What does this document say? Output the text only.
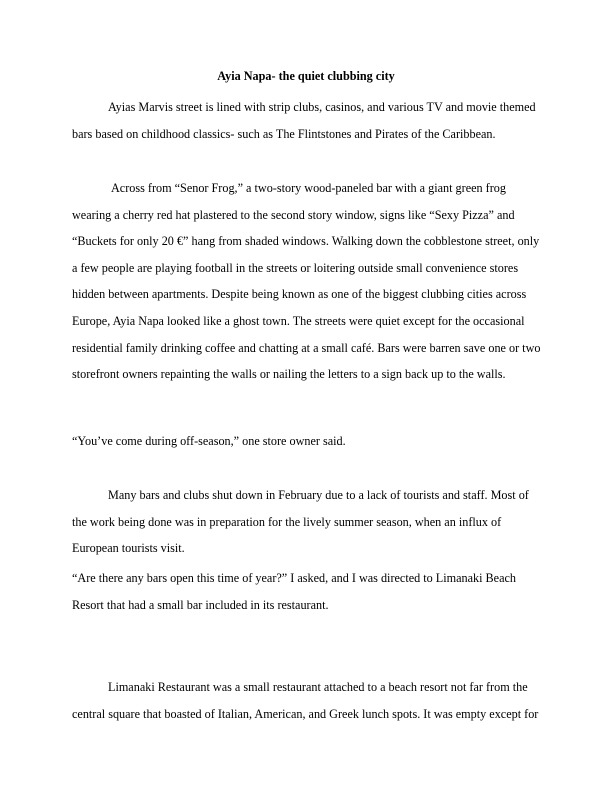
Ayia Napa- the quiet clubbing city

Ayias Marvis street is lined with strip clubs, casinos, and various TV and movie themed
bars based on childhood classics- such as The Flintstones and Pirates of the Caribbean.

Across from “Senor Frog,” a two-story wood-paneled bar with a giant green frog
wearing a cherry red hat plastered to the second story window, signs like “Sexy Pizza” and
“Buckets for only 20 €” hang from shaded windows. Walking down the cobblestone street, only
a few people are playing football in the streets or loitering outside small convenience stores
hidden between apartments. Despite being known as one of the biggest clubbing cities across
Europe, Ayia Napa looked like a ghost town. The streets were quiet except for the occasional
residential family drinking coffee and chatting at a small café. Bars were barren save one or two
storefront owners repainting the walls or nailing the letters to a sign back up to the walls.

“You’ve come during off-season,” one store owner said.

Many bars and clubs shut down in February due to a lack of tourists and staff. Most of
the work being done was in preparation for the lively summer season, when an influx of
European tourists visit.

“Are there any bars open this time of year?” I asked, and I was directed to Limanaki Beach
Resort that had a small bar included in its restaurant.

Limanaki Restaurant was a small restaurant attached to a beach resort not far from the
central square that boasted of Italian, American, and Greek lunch spots. It was empty except for
